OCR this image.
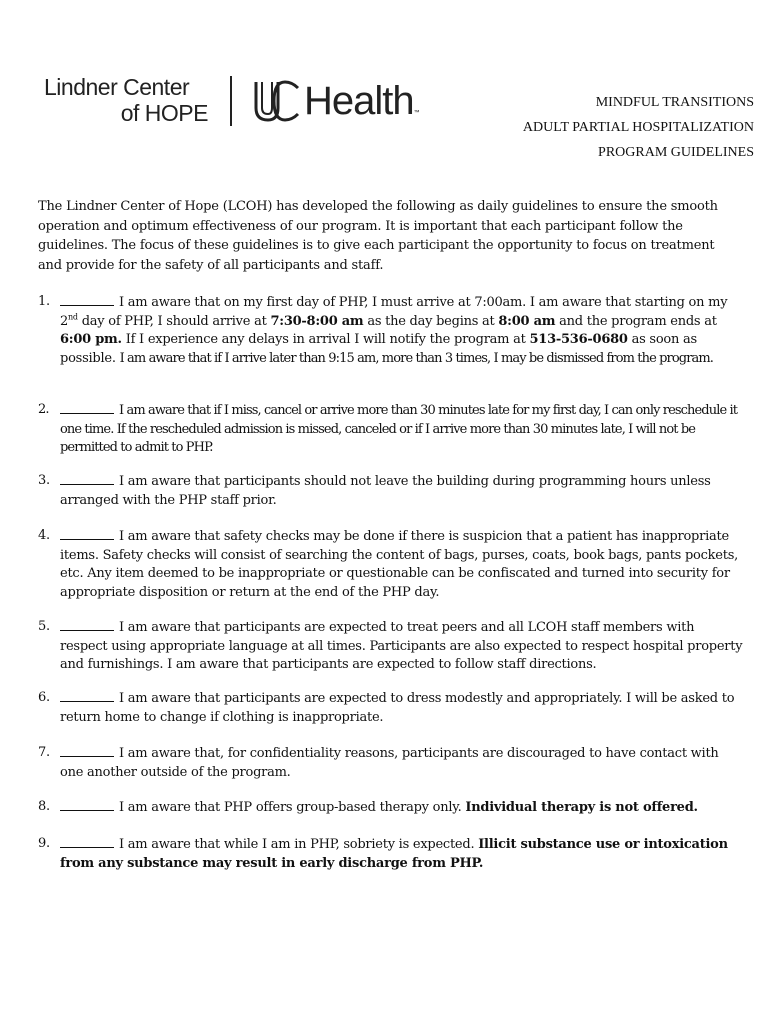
Lindner Center
of HOPE Health ™
MINDFUL TRANSITIONS
ADULT PARTIAL HOSPITALIZATION
PROGRAM GUIDELINES
The Lindner Center of Hope (LCOH) has developed the following as daily guidelines to ensure the smooth operation and optimum effectiveness of our program. It is important that each participant follow the guidelines. The focus of these guidelines is to give each participant the opportunity to focus on treatment and provide for the safety of all participants and staff.
1.	I am aware that on my first day of PHP, I must arrive at 7:00am. I am aware that starting on my 2nd day of PHP, I should arrive at 7:30-8:00 am as the day begins at 8:00 am and the program ends at 6:00 pm. If I experience any delays in arrival I will notify the program at 513-536-0680 as soon as possible. I am aware that if I arrive later than 9:15 am, more than 3 times, I may be dismissed from the program.
2.	I am aware that if I miss, cancel or arrive more than 30 minutes late for my first day, I can only reschedule it one time. If the rescheduled admission is missed, canceled or if I arrive more than 30 minutes late, I will not be permitted to admit to PHP.
3.	I am aware that participants should not leave the building during programming hours unless arranged with the PHP staff prior.
4.	I am aware that safety checks may be done if there is suspicion that a patient has inappropriate items. Safety checks will consist of searching the content of bags, purses, coats, book bags, pants pockets, etc. Any item deemed to be inappropriate or questionable can be confiscated and turned into security for appropriate disposition or return at the end of the PHP day.
5.	I am aware that participants are expected to treat peers and all LCOH staff members with respect using appropriate language at all times. Participants are also expected to respect hospital property and furnishings. I am aware that participants are expected to follow staff directions.
6.	I am aware that participants are expected to dress modestly and appropriately. I will be asked to return home to change if clothing is inappropriate.
7.	I am aware that, for confidentiality reasons, participants are discouraged to have contact with one another outside of the program.
8.	I am aware that PHP offers group-based therapy only. Individual therapy is not offered.
9.	I am aware that while I am in PHP, sobriety is expected. Illicit substance use or intoxication from any substance may result in early discharge from PHP.
